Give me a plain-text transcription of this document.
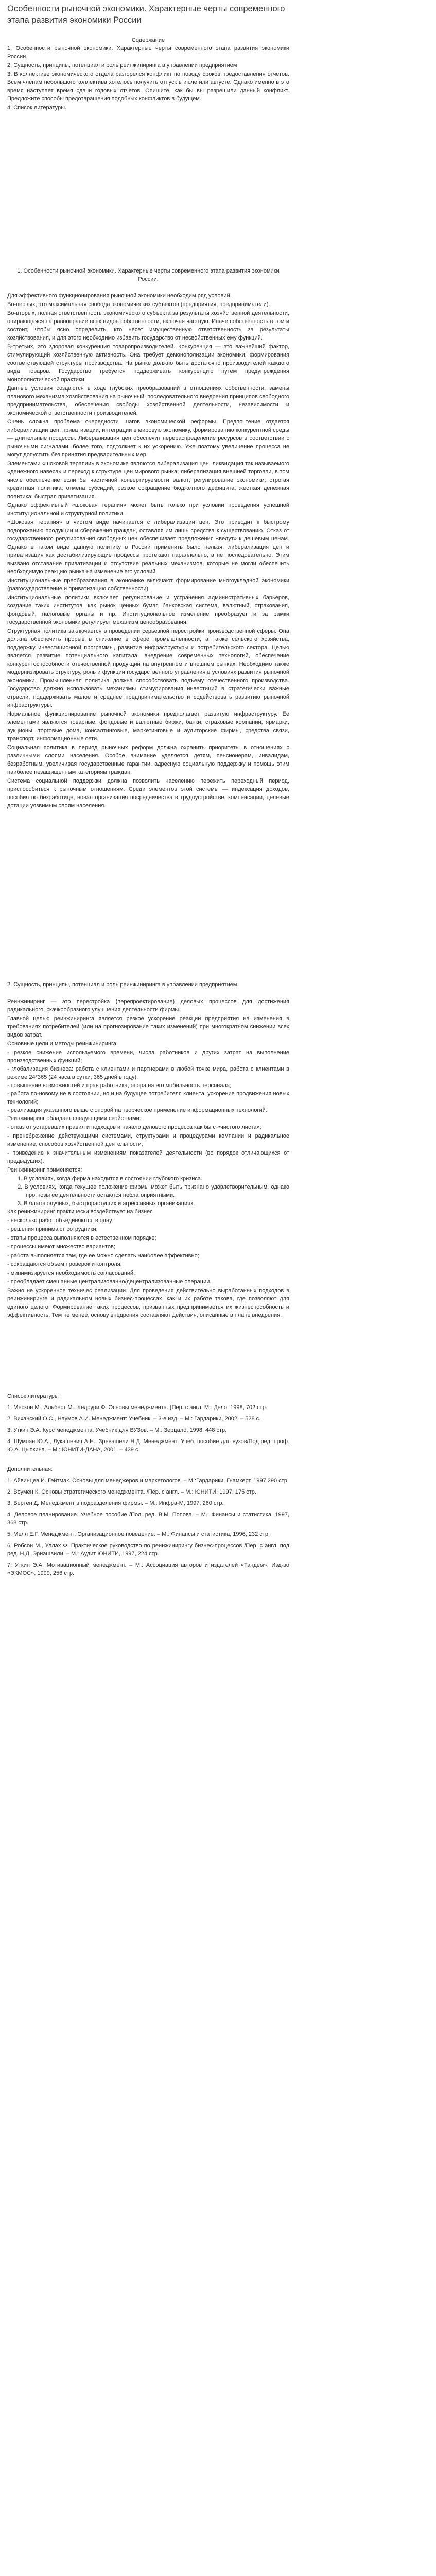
Особенности рыночной экономики. Характерные черты современного этапа развития экономики России

Содержание

1. Особенности рыночной экономики. Характерные черты современного этапа развития экономики России.

2. Сущность, принципы, потенциал и роль реинжиниринга в управлении предприятием

3. В коллективе экономического отдела разгорелся конфликт по поводу сроков предоставления отчетов. Всем членам небольшого коллектива хотелось получить отпуск в июле или августе. Однако именно в это время наступает время сдачи годовых отчетов. Опишите, как бы вы разрешили данный конфликт. Предложите способы предотвращения подобных конфликтов в будущем.

4. Список литературы.

1. Особенности рыночной экономики. Характерные черты современного этапа развития экономики России.

Для эффективного функционирования рыночной экономики необходим ряд условий.

Во-первых, это максимальная свобода экономических субъектов (предприятия, предприниматели).

Во-вторых, полная ответственность экономического субъекта за результаты хозяйственной деятельности, опирающаяся на равноправие всех видов собственности, включая частную. Иначе собственность в том и состоит, чтобы ясно определить, кто несет имущественную ответственность за результаты хозяйствования, и для этого необходимо избавить государство от несвойственных ему функций.

В-третьих, это здоровая конкуренция товаропроизводителей. Конкуренция — это важнейший фактор, стимулирующий хозяйственную активность. Она требует демонополизации экономики, формирования соответствующей структуры производства. На рынке должно быть достаточно производителей каждого вида товаров. Государство требуется поддерживать конкуренцию путем предупреждения монополистической практики.

Данные условия создаются в ходе глубоких преобразований в отношениях собственности, замены планового механизма хозяйствования на рыночный, последовательного внедрения принципов свободного предпринимательства, обеспечения свободы хозяйственной деятельности, независимости и экономической ответственности производителей.

Очень сложна проблема очередности шагов экономической реформы. Предпочтение отдается либерализации цен, приватизации, интеграции в мировую экономику, формированию конкурентной среды — длительные процессы. Либерализация цен обеспечит перераспределение ресурсов в соответствии с рыночными сигналами, более того, подтолкнет к их ускорению. Уже поэтому увеличение процесса не могут допустить без принятия предварительных мер.

Элементами «шоковой терапии» в экономике являются либерализация цен, ликвидация так называемого «денежного навеса» и переход к структуре цен мирового рынка; либерализация внешней торговли, в том числе обеспечение если бы частичной конвертируемости валют; регулирование экономики; строгая кредитная политика; отмена субсидий, резкое сокращение бюджетного дефицита; жесткая денежная политика; быстрая приватизация.

Однако эффективный «шоковая терапия» может быть только при условии проведения успешной институциональной и структурной политики.

«Шоковая терапия» в чистом виде начинается с либерализации цен. Это приводит к быстрому подорожанию продукции и сбережения граждан, оставляя им лишь средства к существованию. Отказ от государственного регулирования свободных цен обеспечивает предложения «ведут» к дешевым ценам. Однако в таком виде данную политику в России применить было нельзя, либерализация цен и приватизация как дестабилизирующие процессы протекают параллельно, а не последовательно. Этим вызвано отставание приватизации и отсутствие реальных механизмов, которые не могли обеспечить необходимую реакцию рынка на изменение его условий.

Институциональные преобразования в экономике включают формирование многоукладной экономики (разгосударствление и приватизацию собственности).

Институциональные политики включает регулирование и устранения административных барьеров, создание таких институтов, как рынок ценных бумаг, банковская система, валютный, страхования, фондовый, налоговые органы и пр. Институциональное изменение преобразует и за рамки государственной экономики регулирует механизм ценообразования.

Структурная политика заключается в проведении серьезной перестройки производственной сферы. Она должна обеспечить прорыв в снижение в сфере промышленности, а также сельского хозяйства, поддержку инвестиционной программы, развитие инфраструктуры и потребительского сектора. Целью является развитие потенциального капитала, внедрение современных технологий, обеспечение конкурентоспособности отечественной продукции на внутреннем и внешнем рынках. Необходимо также модернизировать структуру, роль и функции государственного управления в условиях развития рыночной экономики. Промышленная политика должна способствовать подъему отечественного производства. Государство должно использовать механизмы стимулирования инвестиций в стратегически важные отрасли, поддерживать малое и среднее предпринимательство и содействовать развитию рыночной инфраструктуры.

Нормальное функционирование рыночной экономики предполагает развитую инфраструктуру. Ее элементами являются товарные, фондовые и валютные биржи, банки, страховые компании, ярмарки, аукционы, торговые дома, консалтинговые, маркетинговые и аудиторские фирмы, средства связи, транспорт, информационные сети.

Социальная политика в период рыночных реформ должна охранить приоритеты в отношениях с различными слоями населения. Особое внимание уделяется детям, пенсионерам, инвалидам, безработным, увеличивая государственные гарантии, адресную социальную поддержку и помощь этим наиболее незащищенным категориям граждан.

Система социальной поддержки должна позволить населению пережить переходный период, приспособиться к рыночным отношениям. Среди элементов этой системы — индексация доходов, пособия по безработице, новая организация посредничества в трудоустройстве, компенсации, целевые дотации уязвимым слоям населения.

2. Сущность, принципы, потенциал и роль реинжиниринга в управлении предприятием

Реинжиниринг — это перестройка (перепроектирование) деловых процессов для достижения радикального, скачкообразного улучшения деятельности фирмы.

Главной целью реинжиниринга является резкое ускорение реакции предприятия на изменения в требованиях потребителей (или на прогнозирование таких изменений) при многократном снижении всех видов затрат.

Основные цели и методы реинжиниринга:

- резкое снижение используемого времени, числа работников и других затрат на выполнение производственных функций;

- глобализация бизнеса: работа с клиентами и партнерами в любой точке мира, работа с клиентами в режиме 24*365 (24 часа в сутки, 365 дней в году);

- повышение возможностей и прав работника, опора на его мобильность персонала;

- работа по-новому не в состоянии, но и на будущее потребителя клиента, ускорение продвижения новых технологий;

- реализация указанного выше с опорой на творческое применение информационных технологий.

Реинжиниринг обладает следующими свойствами:

- отказ от устаревших правил и подходов и начало делового процесса как бы с «чистого листа»;

- пренебрежение действующими системами, структурами и процедурами компании и радикальное изменение, способов хозяйственной деятельности;

- приведение к значительным изменениям показателей деятельности (во порядок отличающихся от предыдущих).

Реинжиниринг применяется:

1. В условиях, когда фирма находится в состоянии глубокого кризиса.

2. В условиях, когда текущее положение фирмы может быть признано удовлетворительным, однако прогнозы ее деятельности остаются неблагоприятными.

3. В благополучных, быстрорастущих и агрессивных организациях.

Как реинжиниринг практически воздействует на бизнес

- несколько работ объединяются в одну;

- решения принимают сотрудники;

- этапы процесса выполняются в естественном порядке;

- процессы имеют множество вариантов;

- работа выполняется там, где ее можно сделать наиболее эффективно;

- сокращаются объем проверок и контроля;

- минимизируется необходимость согласований;

- преобладает смешанные централизованно/децентрализованные операции.

Важно не ускоренное техничес реализации. Для проведения действительно выработанных подходов в реинжиниринге и радикальном новых бизнес-процессах, как и их работе такова, где позволяют для единого целого. Формирование таких процессов, призванных предпринимается их жизнеспособность и эффективность. Тем не менее, основу внедрения составляют действия, описанные в плане внедрения.

Список литературы

1. Мескон М., Альберт М., Хедоури Ф. Основы менеджмента. (Пер. с англ. М.: Дело, 1998, 702 стр.

2. Виханский О.С., Наумов А.И. Менеджмент: Учебник. – 3-е изд. – М.: Гардарики, 2002. – 528 с.

3. Уткин Э.А. Курс менеджмента. Учебник для ВУЗов. – М.: Зерцало, 1998, 448 стр.

4. Шумоан Ю.А., Лукашевич А.Н., Зревашели Н.Д. Менеджмент: Учеб. пособие для вузов/Под ред. проф. Ю.А. Цыпкина. – М.: ЮНИТИ-ДАНА, 2001. – 439 с.

Дополнительная:

1. Айвинцев И. Гейтмак. Основы для менеджеров и маркетологов. – М.:Гардарики, Гнамкерт, 1997.290 стр.

2. Воумен К. Основы стратегического менеджмента. /Пер. с англ. – М.: ЮНИТИ, 1997, 175 стр.

3. Вертен Д. Менеджмент в подразделения фирмы. – М.: Инфра-М, 1997, 260 стр.

4. Деловое планирование. Учебное пособие /Под. ред. В.М. Попова. – М.: Финансы и статистика, 1997, 368 стр.

5. Мелл Е.Г. Менеджмент: Организационное поведение. – М.: Финансы и статистика, 1996, 232 стр.

6. Робсон М., Уллах Ф. Практическое руководство по реинжинирингу бизнес-процессов /Пер. с англ. под ред. Н.Д. Эриашвили. – М.: Аудит ЮНИТИ, 1997, 224 стр.

7. Уткин Э.А. Мотивационный менеджмент. – М.: Ассоциация авторов и издателей «Тандем», Изд-во «ЭКМОС», 1999, 256 стр.
